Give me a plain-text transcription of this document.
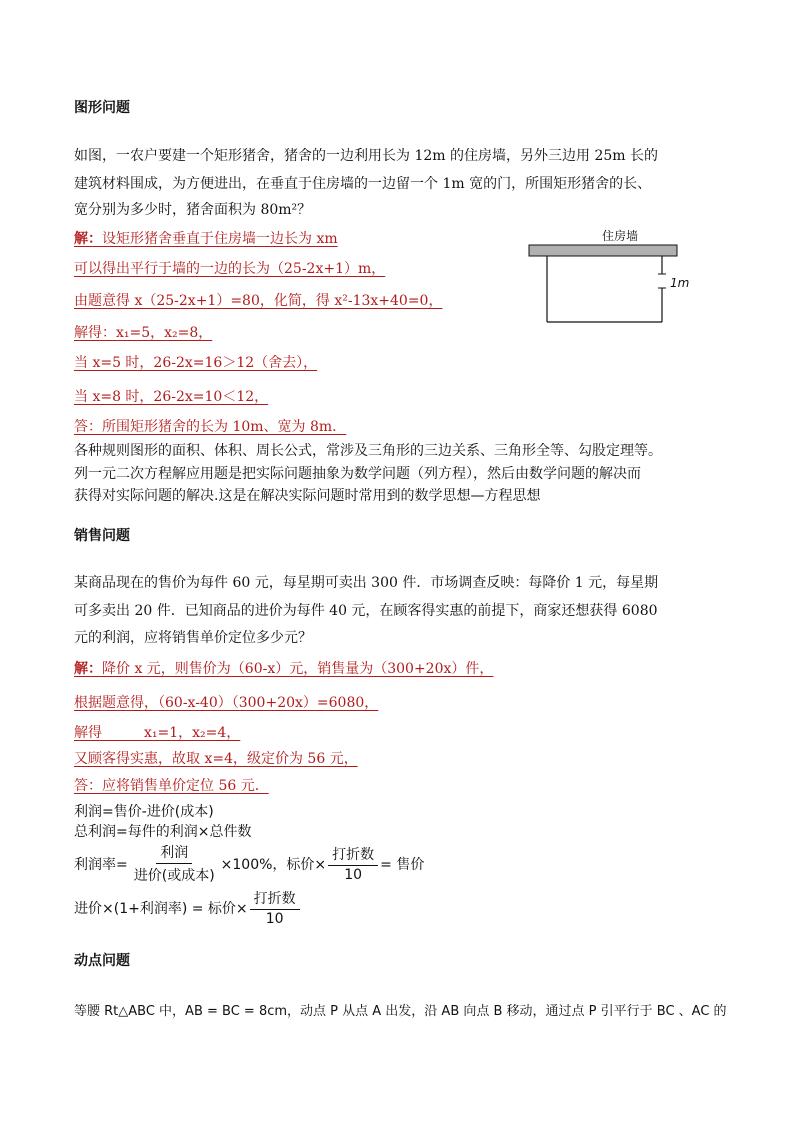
图形问题
如图，一农户要建一个矩形猪舍，猪舍的一边利用长为 12m 的住房墙，另外三边用 25m 长的
建筑材料围成，为方便进出，在垂直于住房墙的一边留一个 1m 宽的门，所围矩形猪舍的长、
宽分别为多少时，猪舍面积为 80m²？
解：设矩形猪舍垂直于住房墙一边长为 xm
可以得出平行于墙的一边的长为（25-2x+1）m，
由题意得 x（25-2x+1）=80，化简，得 x²-13x+40=0，
解得：x₁=5，x₂=8，
当 x=5 时，26-2x=16＞12（舍去），
当 x=8 时，26-2x=10＜12，
答：所围矩形猪舍的长为 10m、宽为 8m．
住房墙
1m
各种规则图形的面积、体积、周长公式，常涉及三角形的三边关系、三角形全等、勾股定理等。
列一元二次方程解应用题是把实际问题抽象为数学问题（列方程），然后由数学问题的解决而
获得对实际问题的解决.这是在解决实际问题时常用到的数学思想—方程思想
销售问题
某商品现在的售价为每件 60 元，每星期可卖出 300 件．市场调查反映：每降价 1 元，每星期
可多卖出 20 件．已知商品的进价为每件 40 元，在顾客得实惠的前提下，商家还想获得 6080
元的利润，应将销售单价定位多少元？
解：降价 x 元，则售价为（60-x）元，销售量为（300+20x）件，
根据题意得，（60-x-40）（300+20x）=6080，
解得　　　x₁=1，x₂=4，
又顾客得实惠，故取 x=4，级定价为 56 元，
答：应将销售单价定位 56 元．
利润=售价-进价(成本)
总利润=每件的利润×总件数
利润率= $\frac{\text{利润}}{\text{进价(或成本)}} \times 100\%$，标价× $\frac{\text{打折数}}{10}$ = 售价
进价×(1+利润率) = 标价× $\frac{\text{打折数}}{10}$
动点问题
等腰 Rt△ABC 中，AB = BC = 8cm，动点 P 从点 A 出发，沿 AB 向点 B 移动，通过点 P 引平行于 BC 、AC 的
